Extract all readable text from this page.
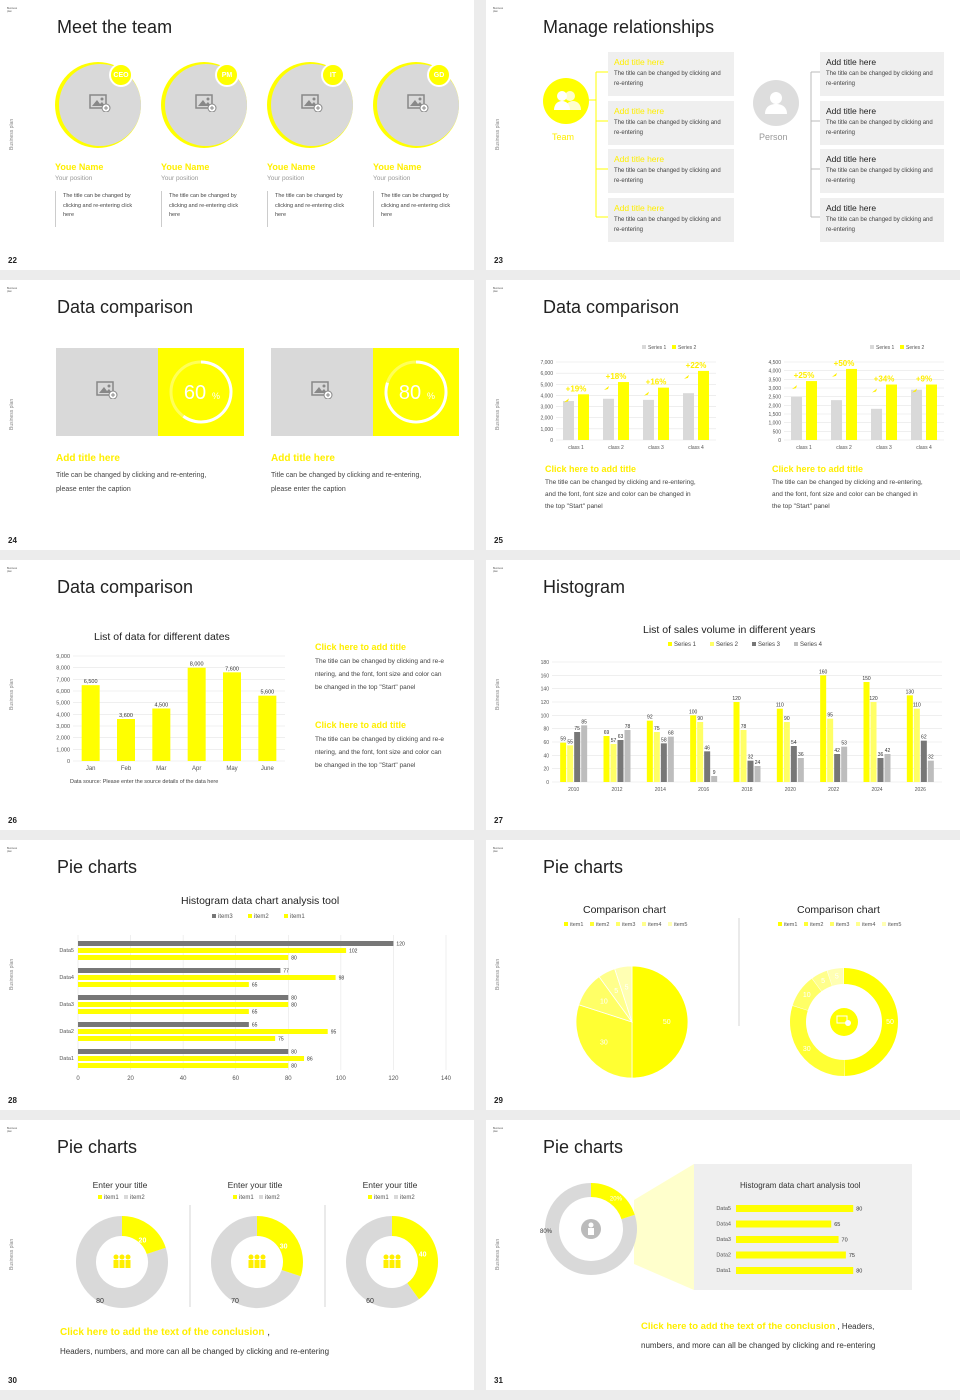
Business plan
Business plan
Meet the team
CEO
Youe Name
Your position
The title can be changed by clicking and re-entering click here
PM
Youe Name
Your position
The title can be changed by clicking and re-entering click here
IT
Youe Name
Your position
The title can be changed by clicking and re-entering click here
GD
Youe Name
Your position
The title can be changed by clicking and re-entering click here
22
Business plan
Business plan
Manage relationships
Team	Person
Add title here
The title can be changed by clicking and re-entering
Add title here
The title can be changed by clicking and re-entering
Add title here
The title can be changed by clicking and re-entering
Add title here
The title can be changed by clicking and re-entering
Add title here
The title can be changed by clicking and re-entering
Add title here
The title can be changed by clicking and re-entering
Add title here
The title can be changed by clicking and re-entering
Add title here
The title can be changed by clicking and re-entering
23
Business plan
Business plan
Data comparison
60 %
Add title here
Title can be changed by clicking and re-entering,
please enter the caption
80 %
Add title here
Title can be changed by clicking and re-entering,
please enter the caption
24
Business plan
Business plan
Data comparison
0
1,000
2,000
3,000
4,000
5,000
6,000
7,000
class 1	class 2	class 3	class 4
Series 1 Series 2
+19%
+18%
+16%
+22%
0
500
1,000
1,500
2,000
2,500
3,000
3,500
4,000
4,500
class 1	class 2	class 3	class 4
Series 1 Series 2
+25%
+50%
+34%	+9%
Click here to add title
The title can be changed by clicking and re-entering,
and the font, font size and color can be changed in
the top "Start" panel
Click here to add title
The title can be changed by clicking and re-entering,
and the font, font size and color can be changed in
the top "Start" panel
25
Business plan
Business plan
Data comparison
List of data for different dates
0
1,000
2,000
3,000
4,000
5,000
6,000
7,000
8,000
9,000
6,500
Jan
3,600
Feb
4,500
Mar
8,000
Apr
7,600
May
5,600
June
Data source: Please enter the source details of the data here
Click here to add title
The title can be changed by clicking and re-e
ntering, and the font, font size and color can
be changed in the top "Start" panel
Click here to add title
The title can be changed by clicking and re-e
ntering, and the font, font size and color can
be changed in the top "Start" panel
26
Business plan
Business plan
Histogram
List of sales volume in different years
0
20
40
60
80
100
120
140
160
180
59 55
75
85
2010
69
57
63
78
2012
92
75
58
68
2014
100
90
46
9
2016
120
78
32
24
2018
110
90
54
36
2020
160
95
42
53
2022
150
120
36
42
2024
130
110
62
32
2026
Series 1	Series 2	Series 3	Series 4
27
Business plan
Business plan
Pie charts
Histogram data chart analysis tool
0	20	40	60	80	100	120	140
item3	item2	item1
Data1
80
86
80
Data2
65
95
75
Data3
80
80
65
Data4
77
98
65
Data5
120
102
80
28
Business plan
Business plan
Pie charts
Comparison chart	Comparison chart
item1 item2 item3 item4 item5
50
30
10
5 5
item1 item2 item3 item4 item5
50
30
10
5
5
29
Business plan
Business plan
Pie charts
Enter your title
item1 item2
20
80
Enter your title
item1 item2
30
70
Enter your title
item1 item2
40
60
Click here to add the text of the conclusion ,
Headers, numbers, and more can all be changed by clicking and re-entering
30
Business plan
Business plan
Pie charts
20%
80%
Data5	80
Data4	65
Data3	70
Data2	75
Data1	80
Histogram data chart analysis tool
Click here to add the text of the conclusion , Headers,
numbers, and more can all be changed by clicking and re-entering
31
